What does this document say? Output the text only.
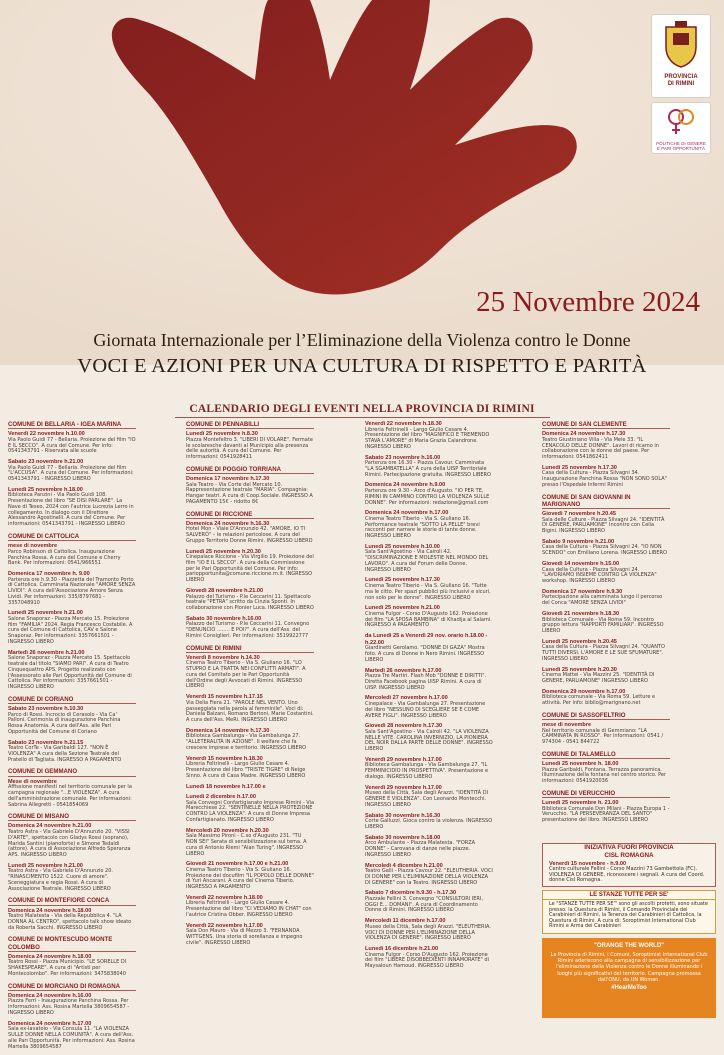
PROVINCIA
DI RIMINI
POLITICHE DI GENERE
E PARI OPPORTUNITÀ
25 Novembre 2024
Giornata Internazionale per l’Eliminazione della Violenza contro le Donne
VOCI E AZIONI PER UNA CULTURA DI RISPETTO E PARITÀ
CALENDARIO DEGLI EVENTI NELLA PROVINCIA DI RIMINI
COMUNE DI BELLARIA - IGEA MARINA
Venerdì 22 novembre h.10.00
Via Paolo Guidi 77 - Bellaria. Proiezione del film "IO E IL SECCO". A cura del Comune. Per info: 0541343791 - Riservata alle scuole
Sabato 23 novembre h.21.00
Via Paolo Guidi 77 - Bellaria. Proiezione del film "L'ACCUSA". A cura del Comune. Per informazioni: 0541343791 - INGRESSO LIBERO
Lunedì 25 novembre h.18.00
Biblioteca Panzini - Via Paolo Guidi 108. Presentazione del libro "SE DISI PARLARE". La Nave di Teseo, 2024 con l'autrice Lucrezia Lerro in collegamento. In dialogo con il Direttore Alessandro Agostinelli. A cura del Comune. Per informazioni: 0541343791 - INGRESSO LIBERO
COMUNE DI CATTOLICA
mese di novembre
Parco Robinson di Cattolica. Inaugurazione Panchina Rossa. A cura del Comune e Cherry Bank. Per informazioni: 0541/966551
Domenica 17 novembre h. 9.00
Partenza ore h.9.30 - Piazzetta del Tramonto Porto di Cattolica. Camminata Nazionale "AMORE SENZA LIVIDI". A cura dell'Associazione Amore Senza Lividi. Per informazioni: 335/8797681 - 3357048910
Lunedì 25 novembre h.21.00
Salone Snaporaz - Piazza Mercato 15. Proiezione film "FAMILIA" 2024. Regia Francesco Costabile. A cura del Comune di Cattolica, CAV e Salone Snaporaz. Per informazioni: 3357661501 - INGRESSO LIBERO
Martedì 26 novembre h.21.00
Salone Snaporaz - Piazza Mercato 15. Spettacolo teatrale dal titolo "SIAMO PARI". A cura di Teatro Cinquequattro APS. Progetto realizzato con l'Assessorato alle Pari Opportunità del Comune di Cattolica. Per informazioni: 3357661501 - INGRESSO LIBERO
COMUNE DI CORIANO
Sabato 23 novembre h.10.30
Parco di Rossi. Incrocio di Cerasolo - Via Ca' Palloni. Cerimonia di inaugurazione Panchina Rossa Anatomia. A cura dell'Ass. alle Pari Opportunità del Comune di Coriano
Sabato 23 novembre h.21.15
Teatro CorTe - Via Garibaldi 127. "NON È VIOLENZA" A cura della Sezione Teatrale del Pratello di Tagliata. INGRESSO A PAGAMENTO
COMUNE DI GEMMANO
Mese di novembre
Affissione manifesti nel territorio comunale per la campagna regionale "...E VIOLENZA". A cura dell'amministrazione comunale. Per informazioni: Sabrina Allegretti - 0541854069
COMUNE DI MISANO
Domenica 24 novembre h.21.00
Teatro Astra - Via Gabriele D'Annunzio 20. "VISSI D'ARTE", spettacolo con Gladys Rossi (soprano), Marida Santini (pianoforte) e Simone Tedaldi (attore). A cura di Associazione Alfredo Speranza APS. INGRESSO LIBERO
Lunedì 25 novembre h.21.00
Teatro Astra - Via Gabriele D'Annunzio 20. "RINASCIMENTO 1522. Cuore di amore". Sceneggiatura e regia Rossi. A cura di Associazione Teatrale. INGRESSO LIBERO
COMUNE DI MONTEFIORE CONCA
Domenica 24 novembre h.18.00
Teatro Malatesta - Via della Repubblica 4. "LA DONNA AL CENTRO", spettacolo talk show ideato da Roberta Sacchi. INGRESSO LIBERO
COMUNE DI MONTESCUDO MONTE COLOMBO
Domenica 24 novembre h.18.00
Teatro Rossi - Piazza Municipio. "LE SORELLE DI SHAKESPEARE". A cura di "Artisti per Montecolombo". Per informazioni: 3475838040
COMUNE DI MORCIANO DI ROMAGNA
Domenica 24 novembre h.16.00
Piazza Ferri - Inaugurazione Panchina Rossa. Per informazioni: Ass. Rosina Martella 3809654587 - INGRESSO LIBERO
Domenica 24 novembre h.17.00
Sala ex-lavatoio - Via Consula 11. "LA VIOLENZA SULLE DONNE NELLA COMUNITÀ". A cura dell'Ass. alle Pari Opportunità. Per informazioni: Ass. Rosina Martella 3809654587
COMUNE DI PENNABILLI
Lunedì 25 novembre h.8.30
Piazza Montefeltro 3. "LIBERI DI VOLARE". Fermate le scolaresche davanti al Municipio alla presenza delle autorità. A cura del Comune. Per informazioni: 0541928411
COMUNE DI POGGIO TORRIANA
Domenica 17 novembre h.17.30
Sala Teatro - Via Corte del Mercato 10. Rappresentazione teatrale "MARIA". Compagnia: Hangar teatri. A cura di Coop.Sociale. INGRESSO A PAGAMENTO 15€ - ridotto 8€
COMUNE DI RICCIONE
Domenica 24 novembre h.16.30
Hotel Mon - Viale D'Annunzio 42. "AMORE, IO TI SALVERÒ" – le relazioni pericolose. A cura del Gruppo Territorio Donne Rimini. INGRESSO LIBERO
Lunedì 25 novembre h.20.30
Cinepalace Riccione - Via Virgilio 19. Proiezione del film "IO E IL SECCO". A cura della Commissione per le Pari Opportunità del Comune. Per info: pariopportunita@comune.riccione.rn.it. INGRESSO LIBERO
Giovedì 28 novembre h.21.00
Palazzo del Turismo - P.le Ceccarini 11. Spettacolo teatrale "PETRA" scritto da Cinzia Sponti. In collaborazione con Pionier Luca. INGRESSO LIBERO
Sabato 30 novembre h.16.00
Palazzo del Turismo - P.le Ceccarini 11. Convegno "DENUNCIO ........ E POI?". A cura dell'Ass. del Rimini Consiglieri. Per informazioni: 3519922777
COMUNE DI RIMINI
Venerdì 8 novembre h.14.30
Cinema Teatro Tiberio - Via S. Giuliano 16. "LO STUPRO E LA TRATTA NEI CONFLITTI ARMATI". A cura del Comitato per le Pari Opportunità dell'Ordine degli Avvocati di Rimini. INGRESSO LIBERO
Venerdì 15 novembre h.17.15
Via Della Fiera 21. "PAROLE NEL VENTO. Uno passeggiata nella parola al femminile". Voci di: Daniela Balzani, Romano Bertoni, Marie Costantini. A cura dell'Ass. MeRi. INGRESSO LIBERO
Domenica 14 novembre h.17.30
Biblioteca Gambalunga - Via Gambalunga 27. "ALLETERALITÀ IN AZIONE". Il welfare che fa crescere imprese e territorio. INGRESSO LIBERO
Venerdì 15 novembre h.18.30
Libreria Feltrinelli - Largo Giulio Cesare 4. Presentazione del libro "TRISTE TIGRE" di Neige Sinno. A cura di Casa Madre. INGRESSO LIBERO
Lunedì 18 novembre h.17.00 e
Lunedì 2 dicembre h.17.00
Sala Convegni Confartigianato Imprese Rimini - Via Marecchiese 22. "SENTINELLE NELLA PROTEZIONE CONTRO LA VIOLENZA". A cura di Donne Impresa Confartigianato. INGRESSO LIBERO
Mercoledì 20 novembre h.20.30
Sala Massimo Pironi - C.so d'Augusto 231. "TU NON SEI" Serata di sensibilizzazione sul tema. A cura di Antonio Riemi "Alan Turing". INGRESSO LIBERO
Giovedì 21 novembre h.17.00 e h.21.00
Cinema Teatro Tiberio - Via S. Giuliano 16. Proiezione del docufilm "IL POPOLO DELLE DONNE" di Yuri Ancarani. A cura del Cinema Tiberio. INGRESSO A PAGAMENTO
Venerdì 22 novembre h.18.00
Libreria Feltrinelli - Largo Giulio Cesare 4. Presentazione del libro "CI VEDIAMO IN CHAT" con l'autrice Cristina Obber. INGRESSO LIBERO
Venerdì 22 novembre h.17.00
Sala Don Mauro - Via di Mezzo 3. "FERNANDA WITTGENS. Una storia di sorellanza e impegno civile". INGRESSO LIBERO
Venerdì 22 novembre h.18.30
Libreria Feltrinelli - Largo Giulio Cesare 4. Presentazione del libro "MAGNIFICO E TREMENDO STAVA L'AMORE" di Maria Grazia Calandrone. INGRESSO LIBERO
Sabato 23 novembre h.16.00
Partenza ore 16.30 - Piazza Cavour. Camminata "LA SGAMBATELLA" A cura della UISP Territoriale Rimini. Partecipazione gratuita. INGRESSO LIBERO
Domenica 24 novembre h.9.00
Partenza ore 9.30 - Arco d'Augusto. "IO PER TE, RIMINI IN CAMMINO CONTRO LA VIOLENZA SULLE DONNE". Per informazioni: redazione@gmail.com
Domenica 24 novembre h.17.00
Cinema Teatro Tiberio - Via S. Giuliano 16. Performance teatrale "SOTTO LA PELLE" brevi racconti per narrare le storie di tante donne. INGRESSO LIBERO
Lunedì 25 novembre h.10.00
Sala Sant'Agostino - Via Cairoli 42. "DISCRIMINAZIONE E MOLESTIE NEL MONDO DEL LAVORO". A cura del Forum delle Donne. INGRESSO LIBERO
Lunedì 25 novembre h.17.30
Cinema Teatro Tiberio - Via S. Giuliano 16. "Tutte ma le citto. Per spazi pubblici più inclusivi e sicuri, non solo per le donne". INGRESSO LIBERO
Lunedì 25 novembre h.21.00
Cinema Fulgor - Corso D'Augusto 162. Proiezione del film "LA SPOSA BAMBINA" di Khadija al Salami. INGRESSO A PAGAMENTO
da Lunedì 25 a Venerdì 29 nov. orario h.18.00 - h.22.00
Giardinetti Gerolamo. "DONNE DI GAZA" Mostra foto. A cura di Donne in Nero Rimini. INGRESSO LIBERO
Martedì 26 novembre h.17.00
Piazza Tre Martiri. Flash Mob "DONNE E DIRITTI". Diretta Facebook pagina UISP Rimini. A cura di UISP. INGRESSO LIBERO
Mercoledì 27 novembre h.17.00
Cinepalace - Via Gambalunga 27. Presentazione del libro "NESSUNO DI SCEGLIERE SE E COME AVERE FIGLI". INGRESSO LIBERO
Giovedì 28 novembre h.17.30
Sala Sant'Agostino - Via Cairoli 42. "LA VIOLENZA NELLE VITE. CAROLINA INVERNIZIO, LA PIONIERA DEL NOIR DALLA PARTE DELLE DONNE". INGRESSO LIBERO
Venerdì 29 novembre h.17.00
Biblioteca Gambalunga - Via Gambalunga 27. "IL FEMMINICIDIO IN PROSPETTIVA". Presentazione e dialogo. INGRESSO LIBERO
Venerdì 29 novembre h.17.00
Museo della Città, Sala degli Arazzi. "IDENTITÀ DI GENERE E VIOLENZA". Con Leonardo Montecchi. INGRESSO LIBERO
Sabato 30 novembre h.16.30
Corte Galluzzi. Gioca contro la violenza. INGRESSO LIBERO
Sabato 30 novembre h.18.00
Arco Ambulante – Piazza Malatesta. "FORZA DONNE" - Carovana di danze nelle piazze. INGRESSO LIBERO
Mercoledì 4 dicembre h.21.00
Teatro Galli - Piazza Cavour 22. "ELEUTHERIA. VOCI DI DONNE PER L'ELIMINAZIONE DELLA VIOLENZA DI GENERE" con la Teatro. INGRESSO LIBERO
Sabato 7 dicembre h.9.30 - h.17.30
Piazzale Fellini 3. Convegno "CONSULTORI IERI, OGGI E... DOMANI". A cura di Coordinamento Donne di Rimini. INGRESSO LIBERO
Mercoledì 11 dicembre h.17.00
Museo della Città, Sala degli Arazzi. "ELEUTHERIA. VOCI DI DONNE PER L'ELIMINAZIONE DELLA VIOLENZA DI GENERE". INGRESSO LIBERO
Lunedì 16 dicembre h.21.00
Cinema Fulgor - Corso D'Augusto 162. Proiezione del film "LIBERE DISOBBEDIENTI INNAMORATE" di Maysaloun Hamoud. INGRESSO LIBERO
COMUNE DI SAN CLEMENTE
Domenica 24 novembre h.17.30
Teatro Giustiniano Villa - Via Mele 33. "IL CENACOLO DELLE DONNE". Lavori di ricamo in collaborazione con le donne del paese. Per informazioni: 0541862411
Lunedì 25 novembre h.17.30
Casa della Cultura - Piazza Silvagni 34. Inaugurazione Panchina Rossa "NON SONO SOLA" presso l'Ospedale Infermi Rimini
COMUNE DI SAN GIOVANNI IN MARIGNANO
Giovedì 7 novembre h.20.45
Sala delle Culture - Piazza Silvagni 24. "IDENTITÀ DI GENERE, PARLIAMONE" Incontro con Celia Bigini. INGRESSO LIBERO
Sabato 9 novembre h.21.00
Casa della Cultura - Piazza Silvagni 24. "IO NON SCENDO" con Emiliano Lorena. INGRESSO LIBERO
Giovedì 14 novembre h.15.00
Casa della Cultura - Piazza Silvagni 24. "LAVORIAMO INSIEME CONTRO LA VIOLENZA" workshop. INGRESSO LIBERO
Domenica 17 novembre h.9.30
Partecipazione alla camminata lungo il percorso del Conca "AMORE SENZA LIVIDI"
Giovedì 21 novembre h.18.30
Biblioteca Comunale - Via Roma 59. Incontro gruppo lettura "RAPPORTI FAMILIARI". INGRESSO LIBERO
Lunedì 25 novembre h.20.45
Casa della Cultura - Piazza Silvagni 24. "QUANTO TUTTI DIVERSI. L'AMORE E LE SUE SFUMATURE". INGRESSO LIBERO
Lunedì 25 novembre h.20.30
Cinema Mattei - Via Mazzini 25. "IDENTITÀ DI GENERE, PARLIAMONE" INGRESSO LIBERO
Domenica 29 novembre h.17.00
Biblioteca comunale - Via Roma 59. Letture e attività. Per info: biblio@marignano.net
COMUNE DI SASSOFELTRIO
mese di novembre
Nel territorio comunale di Gemmiano: "LA CAMMINATA IN ROSSO". Per informazioni: 0541 / 974304 - 0541 844722
COMUNE DI TALAMELLO
Lunedì 25 novembre h. 18.00
Piazza Garibaldi, Fontana, Terrazza panoramica. Illuminazione della fontana nel centro storico. Per informazioni: 0541920036
COMUNE DI VERUCCHIO
Lunedì 25 novembre h. 21.00
Biblioteca Comunale Don Milani - Piazza Europa 1 - Verucchio. "LA PERSEVERANZA DEL SANTO" presentazione del libro. INGRESSO LIBERO
INIZIATIVA FUORI PROVINCIA
CISL ROMAGNA
Venerdì 15 novembre - h.9.00
Centro culturale Fellini - Corso Mazzini 73 Gambettola (FC). VIOLENZA DI GENERE, riconoscere i segnali. A cura del Coord. donne Cisl Romagna.
LE STANZE TUTTE PER SE'
Le "STANZE TUTTE PER SE'" sono gli ascolti protetti, sono situate presso: la Questura di Rimini, il Comando Provinciale dei Carabinieri di Rimini, la Tenenza dei Carabinieri di Cattolica, la Questura di Rimini. A cura di: Soroptimist International Club Rimini e Arma dei Carabinieri
"ORANGE THE WORLD"
La Provincia di Rimini, i Comuni, Soroptimist International Club Rimini aderiscono alla campagna di sensibilizzazione per l'eliminazione della Violenza contro le Donne illuminando i luoghi più significativi del territorio. Campagna promossa dall'ONU, da UN Women.
#HearMeToo
